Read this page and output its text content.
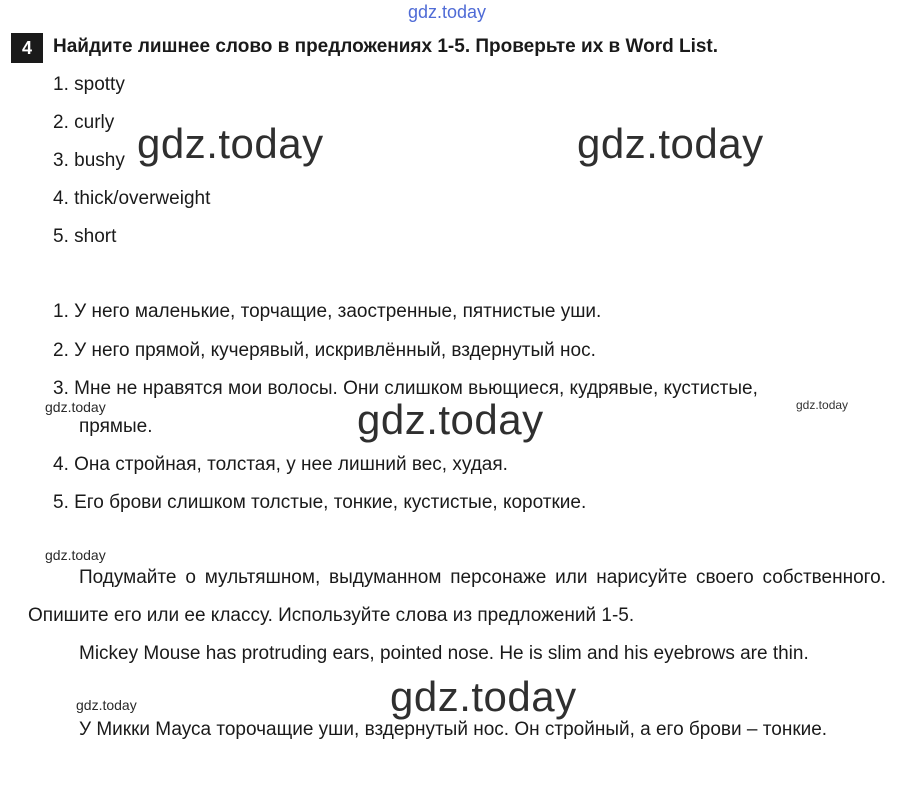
gdz.today
4	Найдите лишнее слово в предложениях 1-5. Проверьте их в Word List.
1. spotty
2. curly
3. bushy
4. thick/overweight
5. short
1. У него маленькие, торчащие, заостренные, пятнистые уши.
2. У него прямой, кучерявый, искривлённый, вздернутый нос.
3. Мне не нравятся мои волосы. Они слишком вьющиеся, кудрявые, кустистые,
прямые.
4. Она стройная, толстая, у нее лишний вес, худая.
5. Его брови слишком толстые, тонкие, кустистые, короткие.
Подумайте о мультяшном, выдуманном персонаже или нарисуйте своего собственного. Опишите его или ее классу. Используйте слова из предложений 1-5.
Mickey Mouse has protruding ears, pointed nose. He is slim and his eyebrows are thin.
У Микки Мауса торочащие уши, вздернутый нос. Он стройный, а его брови – тонкие.
gdz.today	gdz.today
gdz.today
gdz.today
gdz.today	gdz.today
gdz.today
gdz.today
